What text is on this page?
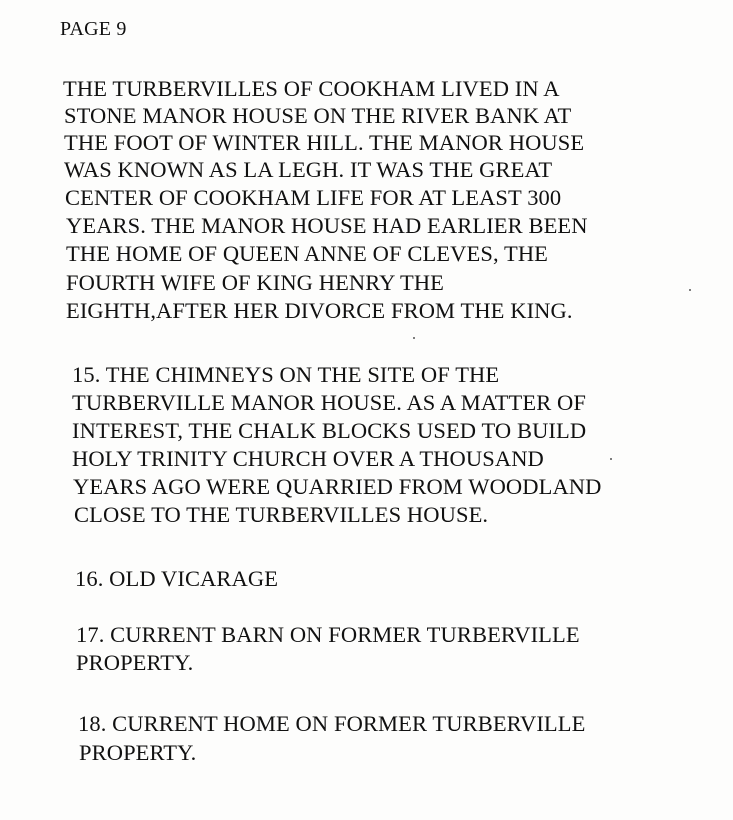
PAGE 9
THE TURBERVILLES OF COOKHAM LIVED IN A
STONE MANOR HOUSE ON THE RIVER BANK AT
THE FOOT OF WINTER HILL. THE MANOR HOUSE
WAS KNOWN AS LA LEGH. IT WAS THE GREAT
CENTER OF COOKHAM LIFE FOR AT LEAST 300
YEARS. THE MANOR HOUSE HAD EARLIER BEEN
THE HOME OF QUEEN ANNE OF CLEVES, THE
FOURTH WIFE OF KING HENRY THE
EIGHTH,AFTER HER DIVORCE FROM THE KING.
15. THE CHIMNEYS ON THE SITE OF THE
TURBERVILLE MANOR HOUSE. AS A MATTER OF
INTEREST, THE CHALK BLOCKS USED TO BUILD
HOLY TRINITY CHURCH OVER A THOUSAND
YEARS AGO WERE QUARRIED FROM WOODLAND
CLOSE TO THE TURBERVILLES HOUSE.
16. OLD VICARAGE
17. CURRENT BARN ON FORMER TURBERVILLE
PROPERTY.
18. CURRENT HOME ON FORMER TURBERVILLE
PROPERTY.
